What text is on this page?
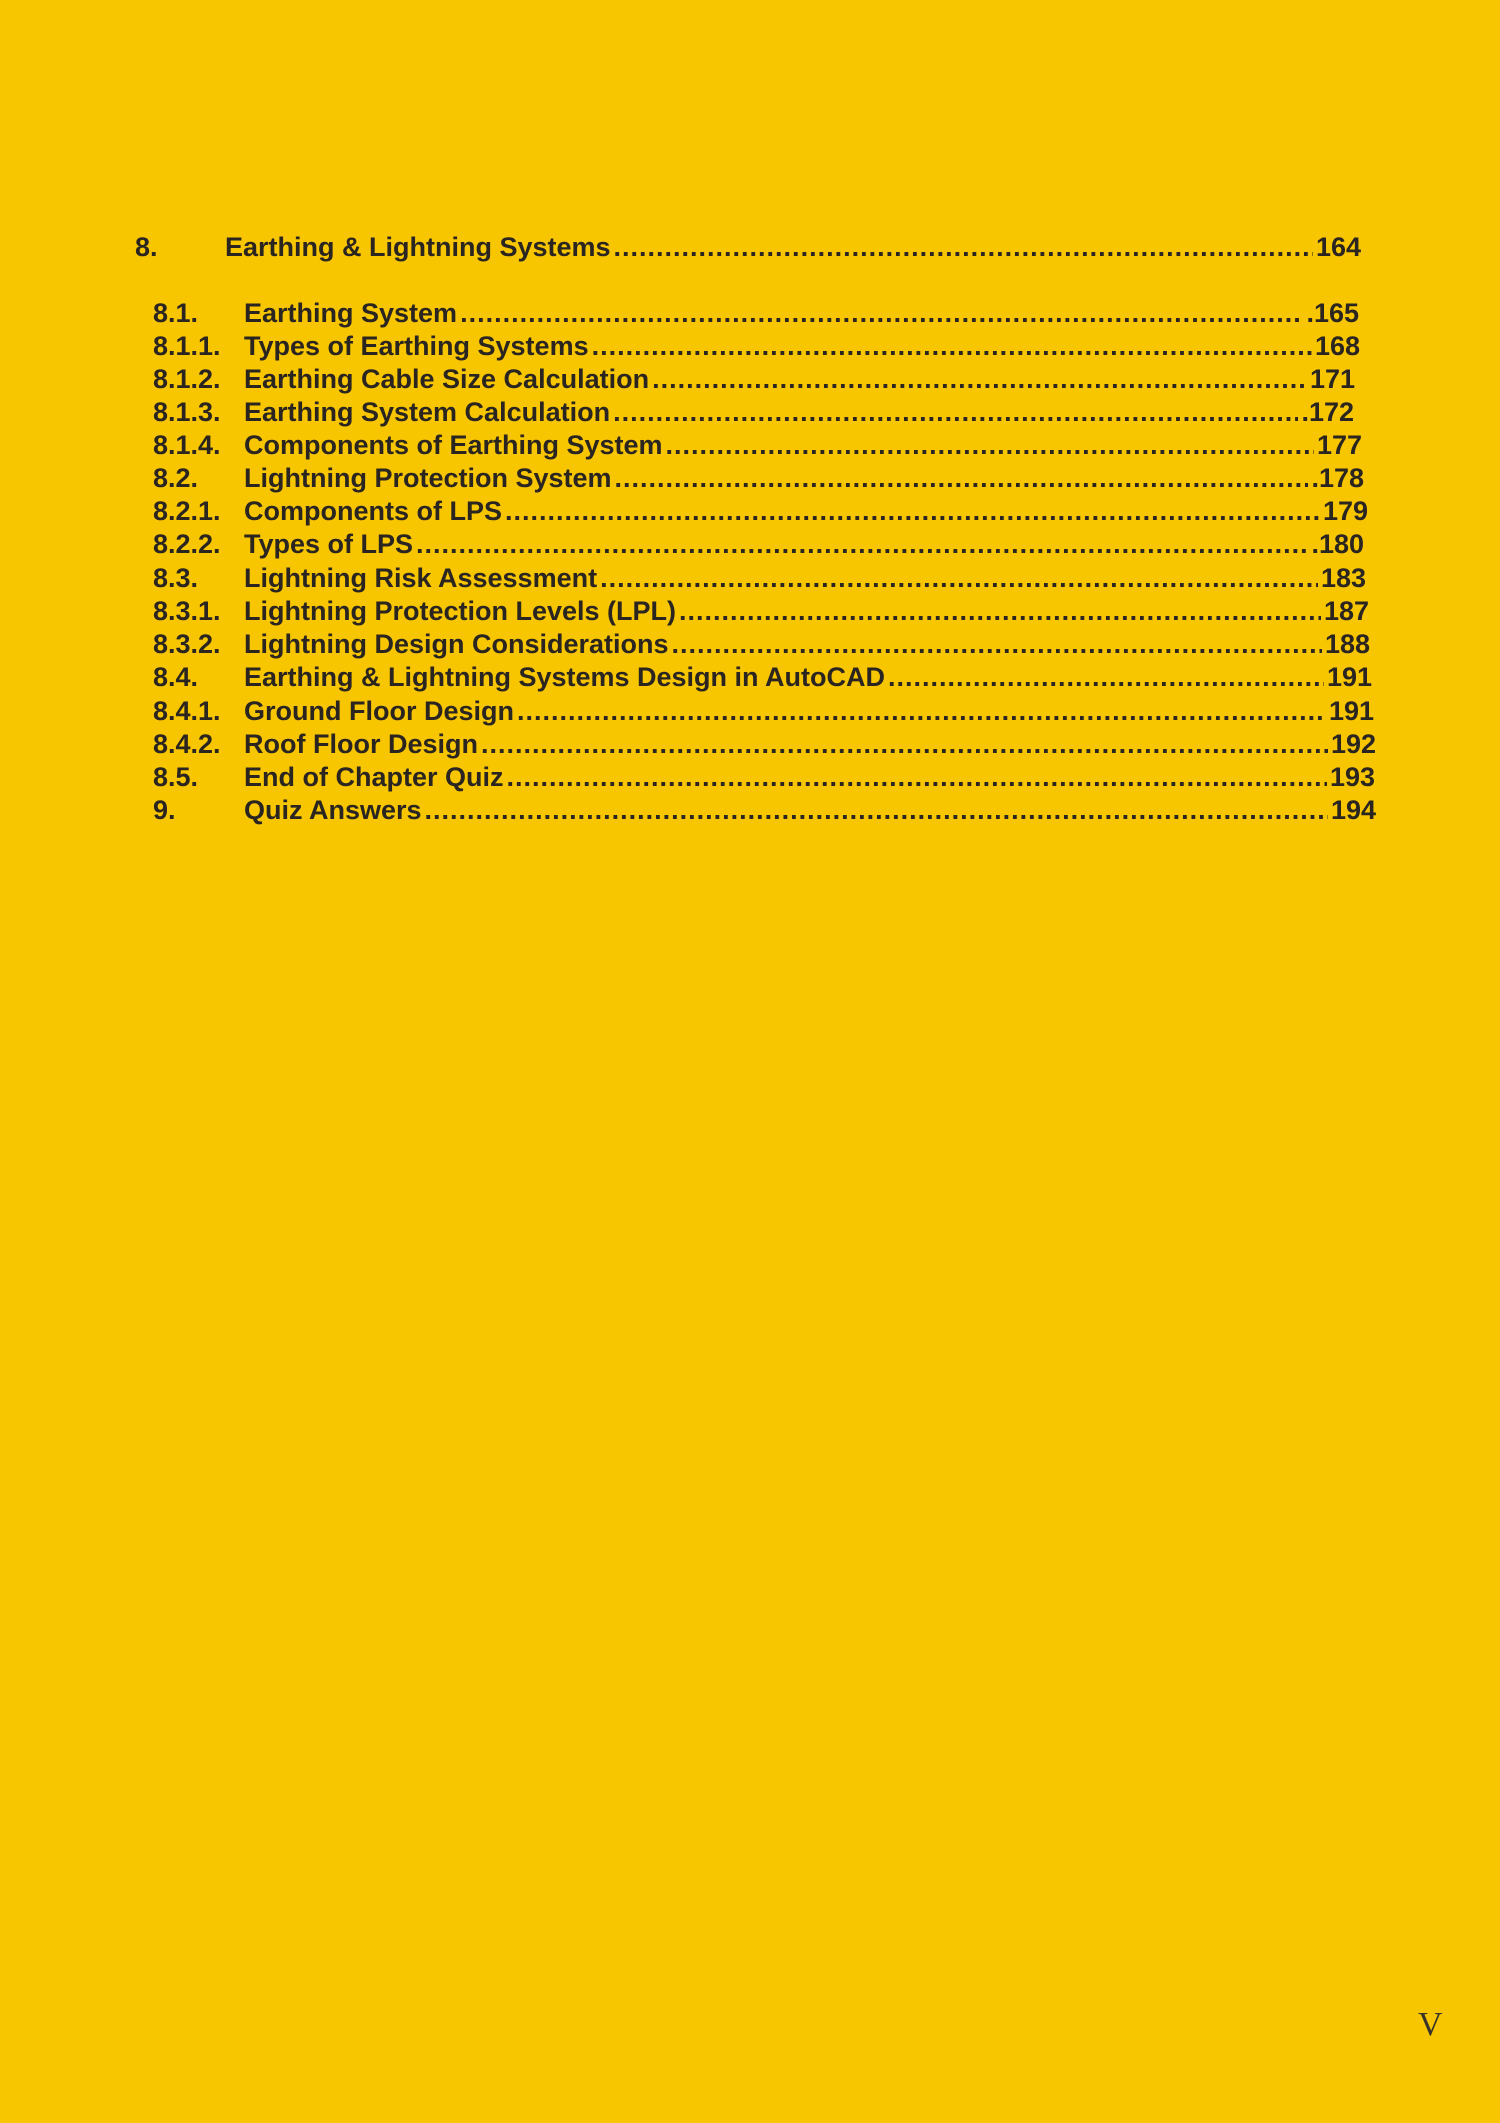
8.	Earthing & Lightning Systems .....	164
8.1.	Earthing System .....	.165
8.1.1. Types of Earthing Systems .....	168
8.1.2. Earthing Cable Size Calculation .....	171
8.1.3. Earthing System Calculation .....	.172
8.1.4. Components of Earthing System .....	177
8.2.	Lightning Protection System .....	.178
8.2.1. Components of LPS .....	179
8.2.2. Types of LPS .....	.180
8.3.	Lightning Risk Assessment .....	183
8.3.1. Lightning Protection Levels (LPL) .....	187
8.3.2. Lightning Design Considerations .....	188
8.4.	Earthing & Lightning Systems Design in AutoCAD .....	191
8.4.1. Ground Floor Design .....	191
8.4.2. Roof Floor Design .....	192
8.5.	End of Chapter Quiz .....	193
9.	Quiz Answers .....	194
V
